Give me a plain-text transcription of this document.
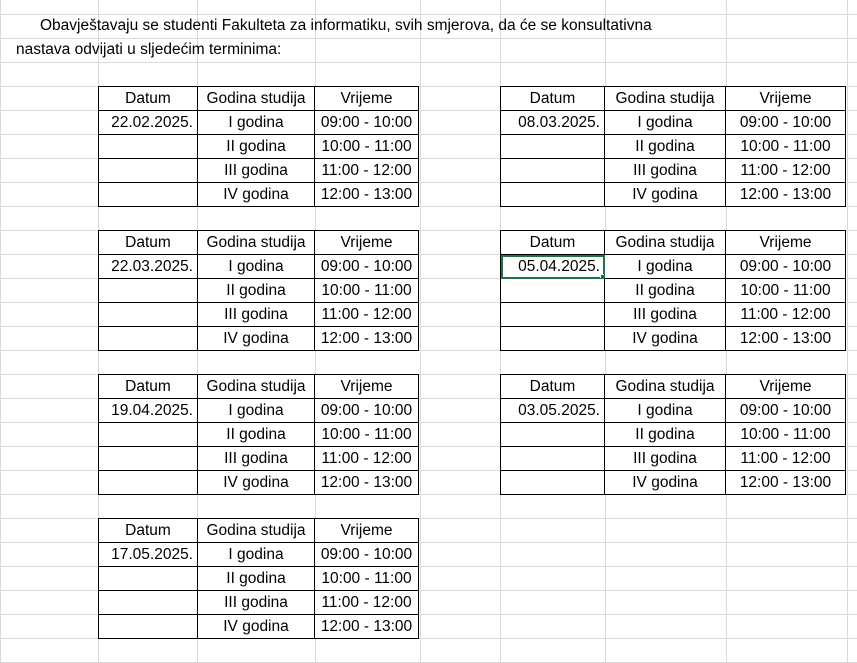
Obavještavaju se studenti Fakulteta za informatiku, svih smjerova, da će se konsultativna
nastava odvijati u sljedećim terminima:
Datum	Godina studija	Vrijeme
22.02.2025.	I godina	09:00 - 10:00
	II godina	10:00 - 11:00
	III godina	11:00 - 12:00
	IV godina	12:00 - 13:00
Datum	Godina studija	Vrijeme
08.03.2025.	I godina	09:00 - 10:00
	II godina	10:00 - 11:00
	III godina	11:00 - 12:00
	IV godina	12:00 - 13:00
Datum	Godina studija	Vrijeme
22.03.2025.	I godina	09:00 - 10:00
	II godina	10:00 - 11:00
	III godina	11:00 - 12:00
	IV godina	12:00 - 13:00
Datum	Godina studija	Vrijeme
05.04.2025.	I godina	09:00 - 10:00
	II godina	10:00 - 11:00
	III godina	11:00 - 12:00
	IV godina	12:00 - 13:00
Datum	Godina studija	Vrijeme
19.04.2025.	I godina	09:00 - 10:00
	II godina	10:00 - 11:00
	III godina	11:00 - 12:00
	IV godina	12:00 - 13:00
Datum	Godina studija	Vrijeme
03.05.2025.	I godina	09:00 - 10:00
	II godina	10:00 - 11:00
	III godina	11:00 - 12:00
	IV godina	12:00 - 13:00
Datum	Godina studija	Vrijeme
17.05.2025.	I godina	09:00 - 10:00
	II godina	10:00 - 11:00
	III godina	11:00 - 12:00
	IV godina	12:00 - 13:00
